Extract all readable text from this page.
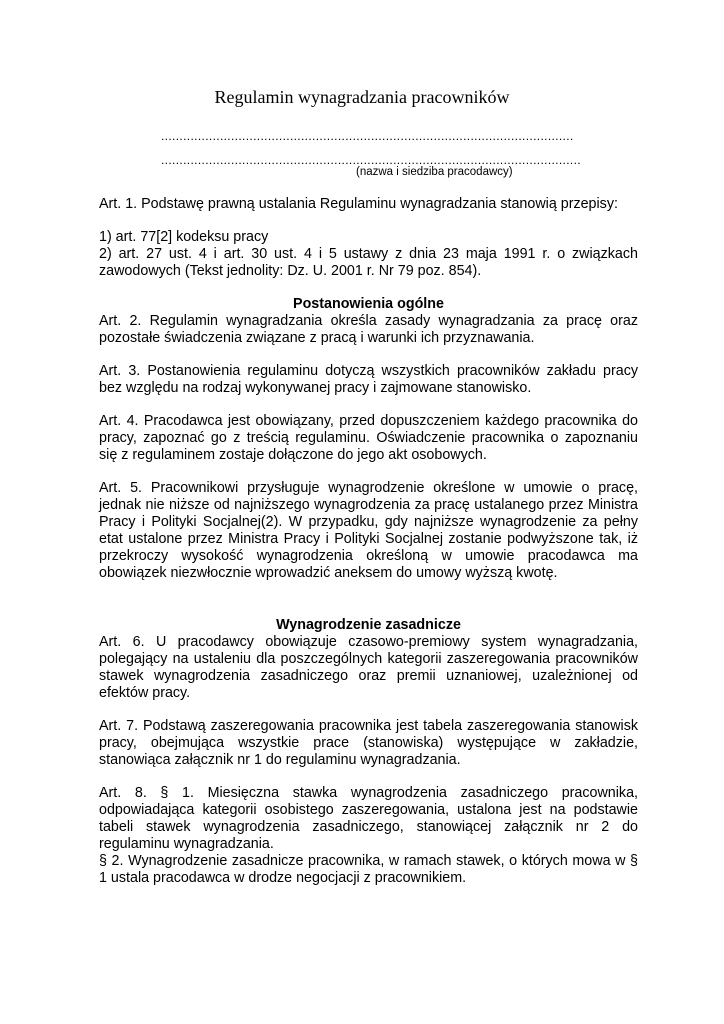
Regulamin wynagradzania pracowników
................................................................................................................
..................................................................................................................
(nazwa i siedziba pracodawcy)

Art. 1. Podstawę prawną ustalania Regulaminu wynagradzania stanowią przepisy:

1) art. 77[2] kodeksu pracy

2) art. 27 ust. 4 i art. 30 ust. 4 i 5 ustawy z dnia 23 maja 1991 r. o związkach zawodowych (Tekst jednolity: Dz. U. 2001 r. Nr 79 poz. 854).

Postanowienia ogólne

Art. 2. Regulamin wynagradzania określa zasady wynagradzania za pracę oraz pozostałe świadczenia związane z pracą i warunki ich przyznawania.

Art. 3. Postanowienia regulaminu dotyczą wszystkich pracowników zakładu pracy bez względu na rodzaj wykonywanej pracy i zajmowane stanowisko.

Art. 4. Pracodawca jest obowiązany, przed dopuszczeniem każdego pracownika do pracy, zapoznać go z treścią regulaminu. Oświadczenie pracownika o zapoznaniu się z regulaminem zostaje dołączone do jego akt osobowych.

Art. 5. Pracownikowi przysługuje wynagrodzenie określone w umowie o pracę, jednak nie niższe od najniższego wynagrodzenia za pracę ustalanego przez Ministra Pracy i Polityki Socjalnej(2). W przypadku, gdy najniższe wynagrodzenie za pełny etat ustalone przez Ministra Pracy i Polityki Socjalnej zostanie podwyższone tak, iż przekroczy wysokość wynagrodzenia określoną w umowie pracodawca ma obowiązek niezwłocznie wprowadzić aneksem do umowy wyższą kwotę.

Wynagrodzenie zasadnicze

Art. 6. U pracodawcy obowiązuje czasowo-premiowy system wynagradzania, polegający na ustaleniu dla poszczególnych kategorii zaszeregowania pracowników stawek wynagrodzenia zasadniczego oraz premii uznaniowej, uzależnionej od efektów pracy.

Art. 7. Podstawą zaszeregowania pracownika jest tabela zaszeregowania stanowisk pracy, obejmująca wszystkie prace (stanowiska) występujące w zakładzie, stanowiąca załącznik nr 1 do regulaminu wynagradzania.

Art. 8. § 1. Miesięczna stawka wynagrodzenia zasadniczego pracownika, odpowiadająca kategorii osobistego zaszeregowania, ustalona jest na podstawie tabeli stawek wynagrodzenia zasadniczego, stanowiącej załącznik nr 2 do regulaminu wynagradzania.

§ 2. Wynagrodzenie zasadnicze pracownika, w ramach stawek, o których mowa w § 1 ustala pracodawca w drodze negocjacji z pracownikiem.
